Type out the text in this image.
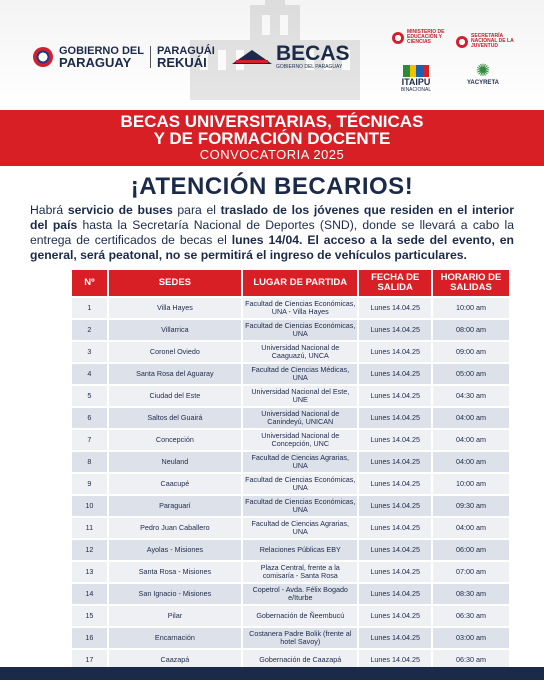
GOBIERNO DEL
PARAGUAY
PARAGUÁI
REKUÁI	BECAS
GOBIERNO DEL PARAGUAY
MINISTERIO DE EDUCACIÓN Y CIENCIAS
SECRETARÍA NACIONAL DE LA JUVENTUD
ITAIPU
BINACIONAL
✺
YACYRETA
BECAS UNIVERSITARIAS, TÉCNICAS
Y DE FORMACIÓN DOCENTE
CONVOCATORIA 2025
¡ATENCIÓN BECARIOS!
Habrá servicio de buses para el traslado de los jóvenes que residen en el interior del país hasta la Secretaría Nacional de Deportes (SND), donde se llevará a cabo la entrega de certificados de becas el lunes 14/04. El acceso a la sede del evento, en general, será peatonal, no se permitirá el ingreso de vehículos particulares.
Nº	SEDES	LUGAR DE PARTIDA	FECHA DE SALIDA	HORARIO DE SALIDAS
1	Villa Hayes	Facultad de Ciencias Económicas, UNA - Villa Hayes	Lunes 14.04.25	10:00 am
2	Villarrica	Facultad de Ciencias Económicas, UNA	Lunes 14.04.25	08:00 am
3	Coronel Oviedo	Universidad Nacional de Caaguazú, UNCA	Lunes 14.04.25	09:00 am
4	Santa Rosa del Aguaray	Facultad de Ciencias Médicas, UNA	Lunes 14.04.25	05:00 am
5	Ciudad del Este	Universidad Nacional del Este, UNE	Lunes 14.04.25	04:30 am
6	Saltos del Guairá	Universidad Nacional de Canindeyú, UNICAN	Lunes 14.04.25	04:00 am
7	Concepción	Universidad Nacional de Concepción, UNC	Lunes 14.04.25	04:00 am
8	Neuland	Facultad de Ciencias Agrarias, UNA	Lunes 14.04.25	04:00 am
9	Caacupé	Facultad de Ciencias Económicas, UNA	Lunes 14.04.25	10:00 am
10	Paraguarí	Facultad de Ciencias Económicas, UNA	Lunes 14.04.25	09:30 am
11	Pedro Juan Caballero	Facultad de Ciencias Agrarias, UNA	Lunes 14.04.25	04:00 am
12	Ayolas - Misiones	Relaciones Públicas EBY	Lunes 14.04.25	06:00 am
13	Santa Rosa - Misiones	Plaza Central, frente a la comisaría - Santa Rosa	Lunes 14.04.25	07:00 am
14	San Ignacio - Misiones	Copetrol - Avda. Félix Bogado e/Iturbe	Lunes 14.04.25	08:30 am
15	Pilar	Gobernación de Ñeembucú	Lunes 14.04.25	06:30 am
16	Encarnación	Costanera Padre Bolik (frente al hotel Savoy)	Lunes 14.04.25	03:00 am
17	Caazapá	Gobernación de Caazapá	Lunes 14.04.25	06:30 am
